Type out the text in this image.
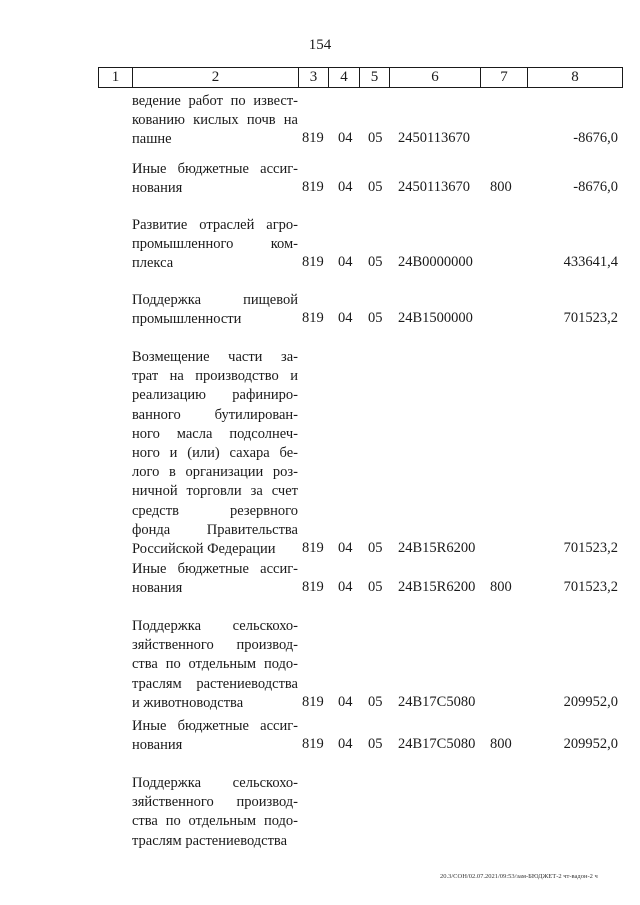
154
1	2	3	4	5	6	7	8
ведение работ по извест-
кованию кислых почв на
пашне	819 04 05 2450113670	-8676,0
Иные бюджетные ассиг-
нования	819 04 05 2450113670 800	-8676,0
Развитие отраслей агро-
промышленного ком-
плекса	819 04 05 24В0000000	433641,4
Поддержка пищевой
промышленности	819 04 05 24В1500000	701523,2
Возмещение части за-
трат на производство и
реализацию рафиниро-
ванного бутилирован-
ного масла подсолнеч-
ного и (или) сахара бе-
лого в организации роз-
ничной торговли за счет
средств резервного
фонда Правительства
Российской Федерации	819 04 05 24В15R6200	701523,2
Иные бюджетные ассиг-
нования	819 04 05 24В15R6200 800	701523,2
Поддержка сельскохо-
зяйственного производ-
ства по отдельным подо-
траслям растениеводства
и животноводства	819 04 05 24В17С5080	209952,0
Иные бюджетные ассиг-
нования	819 04 05 24В17С5080 800	209952,0
Поддержка сельскохо-
зяйственного производ-
ства по отдельным подо-
траслям растениеводства
20.3/СОН/02.07.2021/09:53/зам-БЮДЖЕТ-2 чт-вадон-2 ч
